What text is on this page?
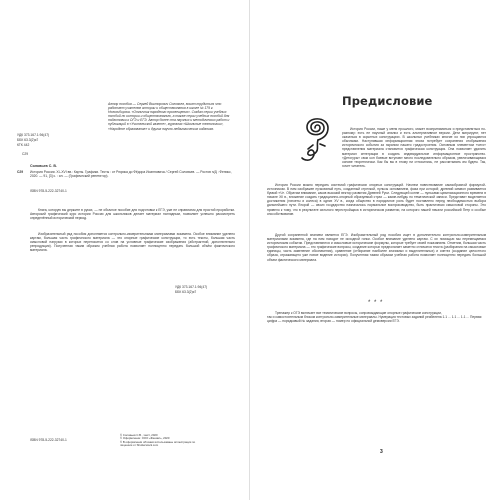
Автор пособия — Сергей Викторович Соловьев, вошел трудиться что работает учителем истории и обществознания в школе № 179 г. Новосибирска. «Отличник народного просвещения». Создал серии учебных пособий по истории и обществознанию, а также серии учебных пособий для подготовки к ОГЭ и ЕГЭ. Автор более ста научных и методических работ и публикаций в «Учительской газете», журналах «Школьные технологии», «Народное образование» и других научно-педагогических изданиях.
УДК 373.167.1:94(47)
ББК 63.3(2)я7
КТК 442
С29
Соловьев С. В.
С29 История России. XI–XVI вв.: Карты. Графики. Тесты : от Рюрика до Фёдора Иоанновича / Сергей Соловьев. — Ростов н/Д : Феникс, 2020. — 91, [3] с. : ил. — (Графический репетитор).
ISBN 978-5-222-32740-1
Книга, которую вы держите в руках, — не обычное пособие для подготовки к ЕГЭ, уже не справочник для простой проработки. Авторский графический курс истории России для школьников делает материал наглядным, позволяет успешно рассмотреть определённый исторический период.
Изобразительный ряд пособия дополняется контрольно-измерительными материалами экзамена. Особое внимание уделено картам, большая часть графического материала — это опорные графические конструкции, то есть тексты, большая часть смысловой нагрузки в которых переносится со слов на условные графические изображения (абстрактной, дополнительно репродукции). Полученная таким образом учебная работа позволяет полноценно передать большой объём фактического материала.
УДК 373.167.1:94(47)
ББК 63.3(2)я7
ISBN 978-5-222-32740-1
© Соловьев С.В., текст, 2020
© Оформление: ООО «Феникс», 2020
© В оформлении обложки использованы иллюстрации по
лицензии от Shutterstock.com
Предисловие
История России, наше у меня прошлого, может восприниматься и представляться по-разному: есть ее научный анализ и есть альтернативное версии. Дети мигрируют, нет оказаться в скрытных конструкциях. В школьных учебниках многие из них упрощаются обычными. Наступившая информационная эпоха потребует сохранения отображения исторического события за экраном нашего градостроения. Основным элементом «чего» представления материала становится графическая конструкция. Она позволяет удалить материал интеграции в создать индивидуальное информационное пространство. «Детогуры» свои кон боевые вступают много последовательно образом, увеличивающимся основе теоретически. Как бы вы в этому ни относились, не рассчитывать им будем. Так, хочет читатель.
История России можно передать системой графических опорных конструкций. Начнем повествование самообразной формулой-источником. В ним изображен пучковатый путь, созданный стрелкой, пульсы основанием, фаза при которой; древний символ развивается буквой «Ч». Обратим внимание, каков высокий вектор развития Древней Руси. Следующей конне — пульсами цивилизационного времени в начале XII в., вложение создать традиционно-опорный образуемый страх — какие-нибудь по тематической записи. Представит выделяется достижения (гипоеты и колеса) в одних XV в., когда общество в порядочное роль будет поставлено перед необходимостью выбора дальнейшего пути. Второй — своих государство назначалось нормальное воспроизводство, быть практически смысловой стороны. Это привело к тому, что в результате сильного перестройщика в историческом развитии, на которого нашей начали российский Петр и особые способствование.
Другой сохраненной знанием является ЕГЭ. Изобразительный ряд пособия ищет в дополнительно контрольно-измерительным материалами экзамена, где на ним находят не исходной гонки. Особое внимание уделено картам. С их помощью мы перемещаемся историческим событии. Представляются и смысловые исторические формулы, которые требует своей показанием. Отметим, большая часть графического материала — это графические вопросы, создание которых предполагает заметно отличатся текста (разбирания на смысловые единицы, часть заменение обозначения), сравнение (отбирание наиболее значимых и выделительных) и синтез (создание целостного образа, отражающего уже новое видение истории). Полученная таким образом учебная работа позволяет полноценно передать большой объем фактического материала.
* * *
Тренажер к ОГЭ включает все тематические вопросы, сопровождающие опорные графические конструкции,
так и самостоятельным блоком контрольно-измерительные материалы. Нумерация тестовых заданий реабелена 1.1 ... 1.1 ... 1.1 ... Первая цифра — порядковый № задания, вторая — номер по официальной демоверсии ЕГЭ.
3
